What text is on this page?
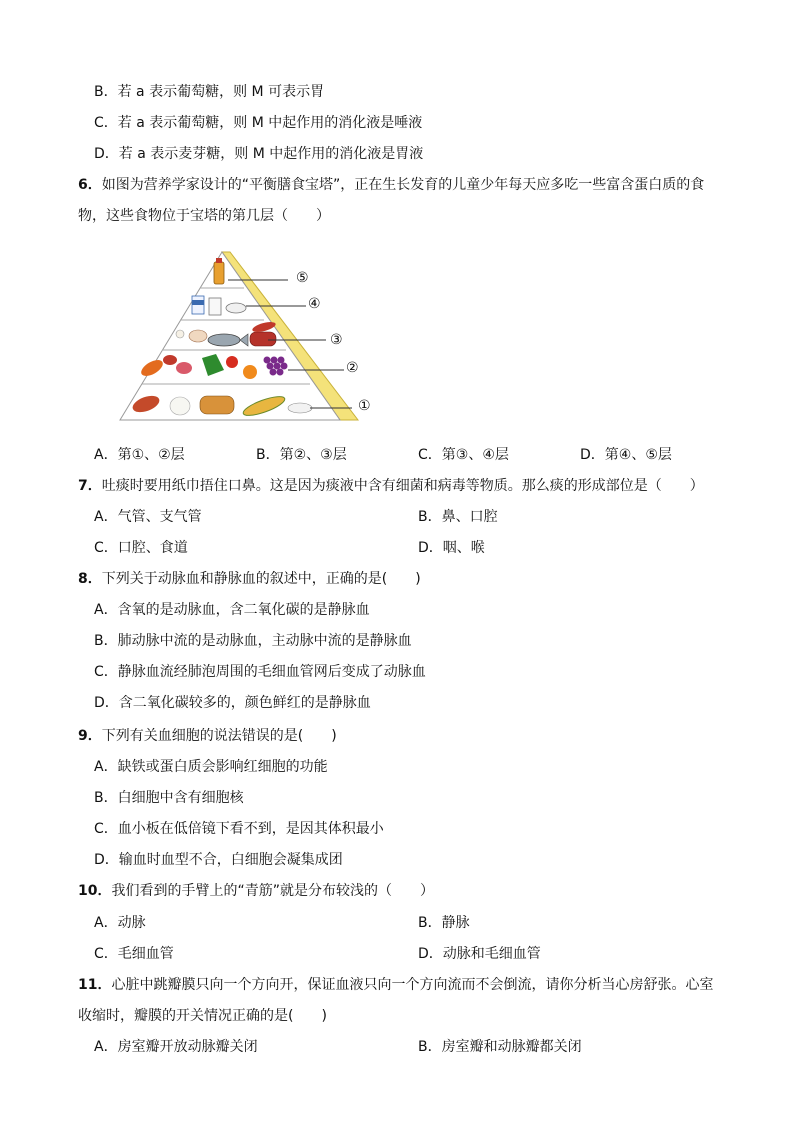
B．若 a 表示葡萄糖，则 M 可表示胃
C．若 a 表示葡萄糖，则 M 中起作用的消化液是唾液
D．若 a 表示麦芽糖，则 M 中起作用的消化液是胃液
6．如图为营养学家设计的“平衡膳食宝塔”，正在生长发育的儿童少年每天应多吃一些富含蛋白质的食
物，这些食物位于宝塔的第几层（　　）
⑤
④
③
②
①
A．第①、②层	B．第②、③层	C．第③、④层	D．第④、⑤层
7．吐痰时要用纸巾捂住口鼻。这是因为痰液中含有细菌和病毒等物质。那么痰的形成部位是（　　）
A．气管、支气管	B．鼻、口腔
C．口腔、食道	D．咽、喉
8．下列关于动脉血和静脉血的叙述中，正确的是(　　)
A．含氧的是动脉血，含二氧化碳的是静脉血
B．肺动脉中流的是动脉血，主动脉中流的是静脉血
C．静脉血流经肺泡周围的毛细血管网后变成了动脉血
D．含二氧化碳较多的，颜色鲜红的是静脉血
9．下列有关血细胞的说法错误的是(　　)
A．缺铁或蛋白质会影响红细胞的功能
B．白细胞中含有细胞核
C．血小板在低倍镜下看不到，是因其体积最小
D．输血时血型不合，白细胞会凝集成团
10．我们看到的手臂上的“青筋”就是分布较浅的（　　）
A．动脉	B．静脉
C．毛细血管	D．动脉和毛细血管
11．心脏中跳瓣膜只向一个方向开，保证血液只向一个方向流而不会倒流，请你分析当心房舒张。心室
收缩时，瓣膜的开关情况正确的是(　　)
A．房室瓣开放动脉瓣关闭	B．房室瓣和动脉瓣都关闭
